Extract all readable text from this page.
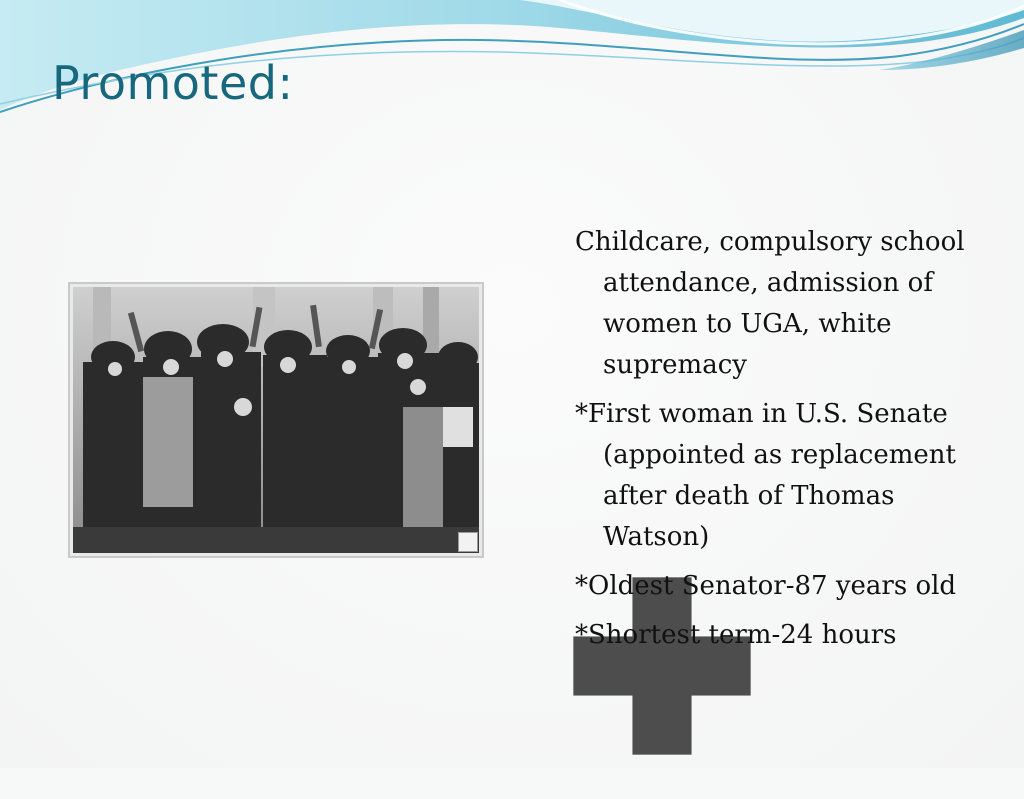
Promoted:
Childcare, compulsory school attendance, admission of women to UGA, white supremacy
*First woman in U.S. Senate (appointed as replacement after death of Thomas Watson)
*Oldest Senator-87 years old
*Shortest term-24 hours
